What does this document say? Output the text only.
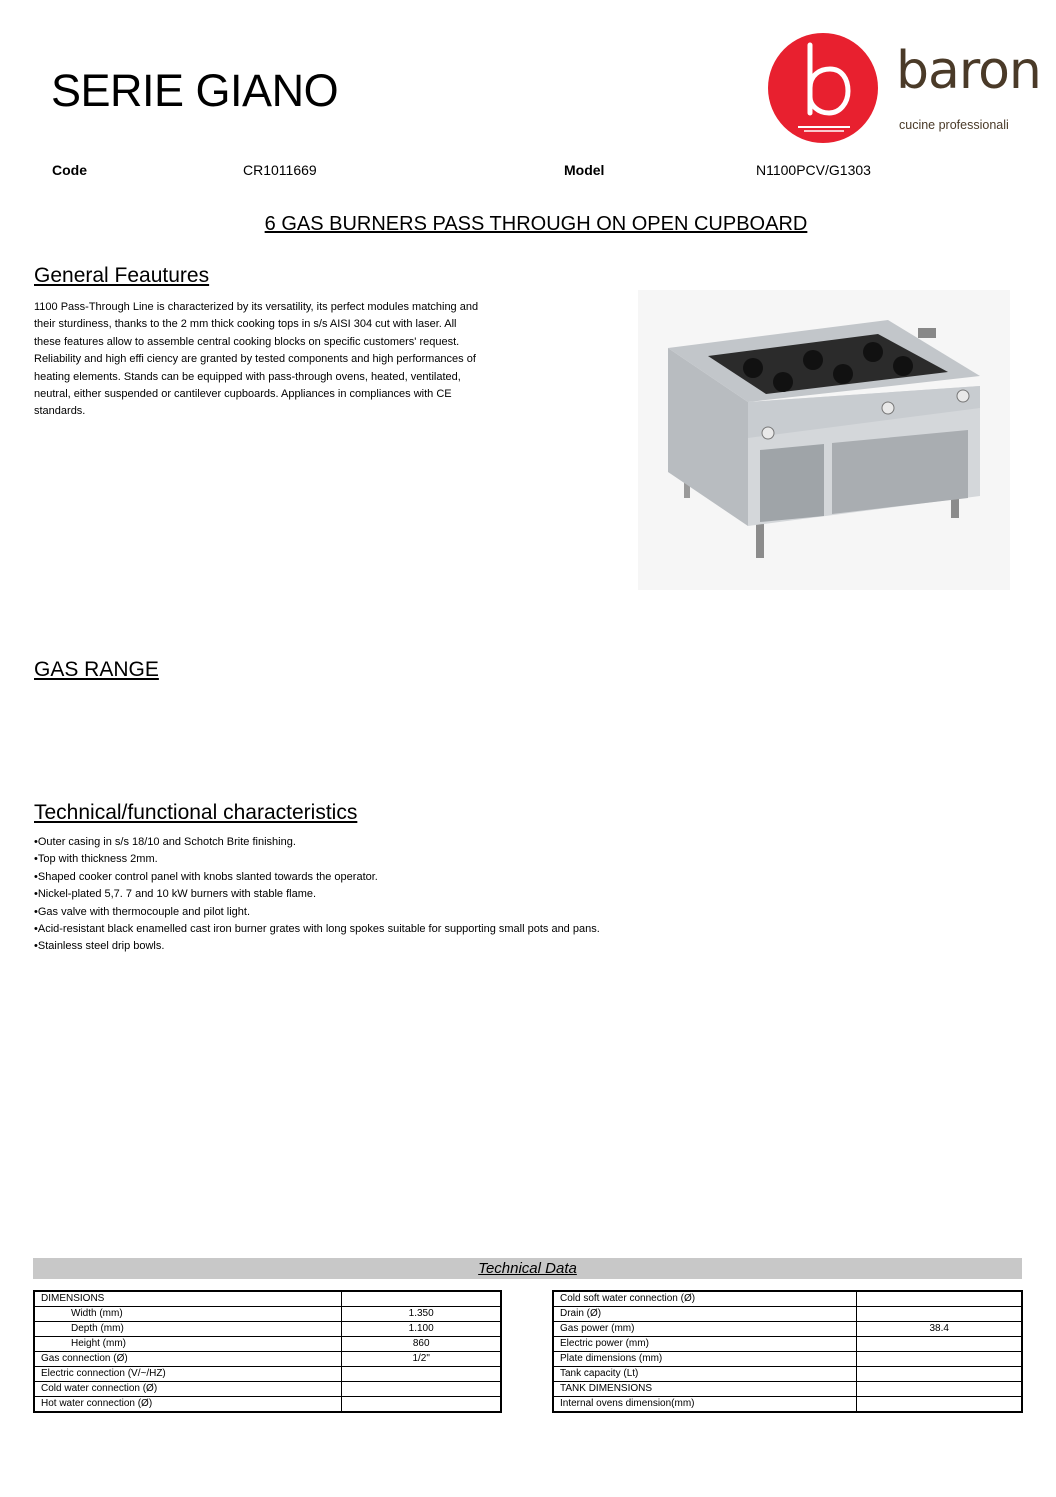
SERIE GIANO	baron
cucine professionali
Code	CR1011669	Model	N1100PCV/G1303
6 GAS BURNERS PASS THROUGH ON OPEN CUPBOARD
General Feautures
1100 Pass-Through Line is characterized by its versatility, its perfect modules matching and
their sturdiness, thanks to the 2 mm thick cooking tops in s/s AISI 304 cut with laser. All
these features allow to assemble central cooking blocks on specific customers' request.
Reliability and high effi ciency are granted by tested components and high performances of
heating elements. Stands can be equipped with pass-through ovens, heated, ventilated,
neutral, either suspended or cantilever cupboards. Appliances in compliances with CE
standards.
GAS RANGE
Technical/functional characteristics
• Outer casing in s/s 18/10 and Schotch Brite finishing.
• Top with thickness 2mm.
• Shaped cooker control panel with knobs slanted towards the operator.
• Nickel-plated 5,7. 7 and 10 kW burners with stable flame.
• Gas valve with thermocouple and pilot light.
• Acid-resistant black enamelled cast iron burner grates with long spokes suitable for supporting small pots and pans.
• Stainless steel drip bowls.
Technical Data
DIMENSIONS	
Width (mm)	1.350
Depth (mm)	1.100
Height (mm)	860
Gas connection (Ø)	1/2"
Electric connection (V/~/HZ)	
Cold water connection (Ø)	
Hot water connection (Ø)	
Cold soft water connection (Ø)	
Drain (Ø)	
Gas power (mm)	38.4
Electric power (mm)	
Plate dimensions (mm)	
Tank capacity (Lt)	
TANK DIMENSIONS	
Internal ovens dimension(mm)	
